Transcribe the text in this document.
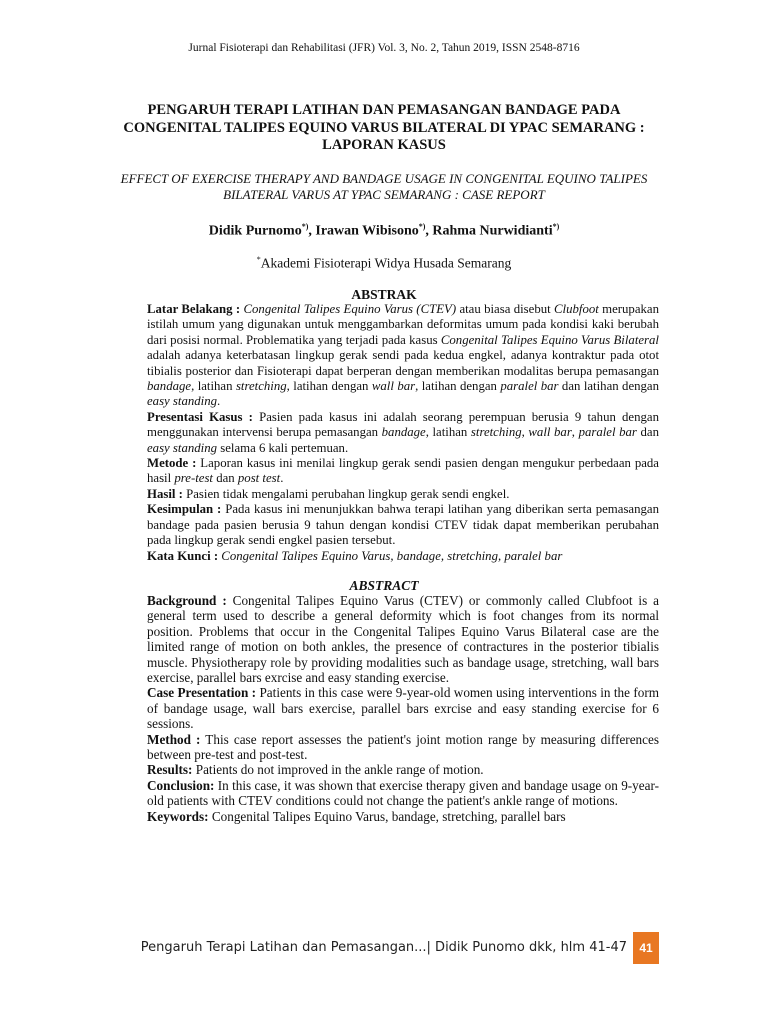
Jurnal Fisioterapi dan Rehabilitasi (JFR) Vol. 3, No. 2, Tahun 2019, ISSN 2548-8716
PENGARUH TERAPI LATIHAN DAN PEMASANGAN BANDAGE PADA CONGENITAL TALIPES EQUINO VARUS BILATERAL DI YPAC SEMARANG : LAPORAN KASUS
EFFECT OF EXERCISE THERAPY AND BANDAGE USAGE IN CONGENITAL EQUINO TALIPES BILATERAL VARUS AT YPAC SEMARANG : CASE REPORT
Didik Purnomo*), Irawan Wibisono*), Rahma Nurwidianti*)
*Akademi Fisioterapi Widya Husada Semarang
ABSTRAK

Latar Belakang : Congenital Talipes Equino Varus (CTEV) atau biasa disebut Clubfoot merupakan istilah umum yang digunakan untuk menggambarkan deformitas umum pada kondisi kaki berubah dari posisi normal. Problematika yang terjadi pada kasus Congenital Talipes Equino Varus Bilateral adalah adanya keterbatasan lingkup gerak sendi pada kedua engkel, adanya kontraktur pada otot tibialis posterior dan Fisioterapi dapat berperan dengan memberikan modalitas berupa pemasangan bandage, latihan stretching, latihan dengan wall bar, latihan dengan paralel bar dan latihan dengan easy standing.

Presentasi Kasus : Pasien pada kasus ini adalah seorang perempuan berusia 9 tahun dengan menggunakan intervensi berupa pemasangan bandage, latihan stretching, wall bar, paralel bar dan easy standing selama 6 kali pertemuan.

Metode : Laporan kasus ini menilai lingkup gerak sendi pasien dengan mengukur perbedaan pada hasil pre-test dan post test.

Hasil : Pasien tidak mengalami perubahan lingkup gerak sendi engkel.

Kesimpulan : Pada kasus ini menunjukkan bahwa terapi latihan yang diberikan serta pemasangan bandage pada pasien berusia 9 tahun dengan kondisi CTEV tidak dapat memberikan perubahan pada lingkup gerak sendi engkel pasien tersebut.

Kata Kunci : Congenital Talipes Equino Varus, bandage, stretching, paralel bar

ABSTRACT

Background : Congenital Talipes Equino Varus (CTEV) or commonly called Clubfoot is a general term used to describe a general deformity which is foot changes from its normal position. Problems that occur in the Congenital Talipes Equino Varus Bilateral case are the limited range of motion on both ankles, the presence of contractures in the posterior tibialis muscle. Physiotherapy role by providing modalities such as bandage usage, stretching, wall bars exercise, parallel bars exrcise and easy standing exercise.

Case Presentation : Patients in this case were 9-year-old women using interventions in the form of bandage usage, wall bars exercise, parallel bars exrcise and easy standing exercise for 6 sessions.

Method : This case report assesses the patient's joint motion range by measuring differences between pre-test and post-test.

Results: Patients do not improved in the ankle range of motion.

Conclusion: In this case, it was shown that exercise therapy given and bandage usage on 9-year-old patients with CTEV conditions could not change the patient's ankle range of motions.

Keywords: Congenital Talipes Equino Varus, bandage, stretching, parallel bars

Pengaruh Terapi Latihan dan Pemasangan...| Didik Punomo dkk, hlm 41-47	41
